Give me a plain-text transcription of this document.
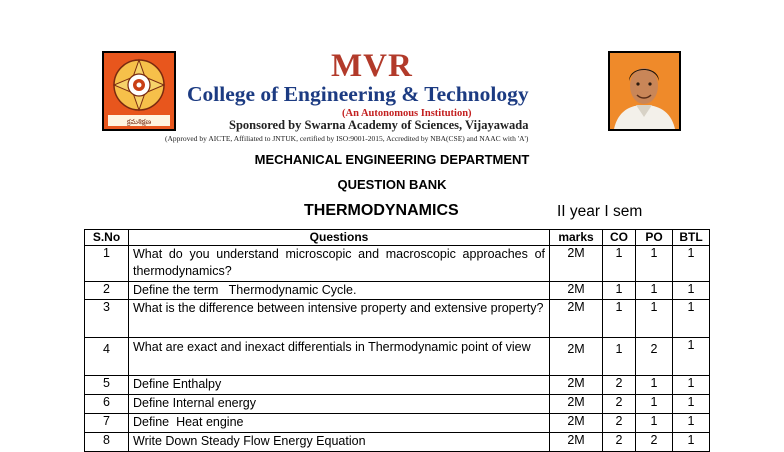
క్రమశిక్షణ
MVR
College of Engineering & Technology
(An Autonomous Institution)
Sponsored by Swarna Academy of Sciences, Vijayawada
(Approved by AICTE, Affiliated to JNTUK, certified by ISO:9001-2015, Accredited by NBA(CSE) and NAAC with 'A')
MECHANICAL ENGINEERING DEPARTMENT
QUESTION BANK
THERMODYNAMICS	II year I sem
S.No	Questions	marks	CO	PO	BTL
1	What do you understand microscopic and macroscopic approaches of thermodynamics?	2M	1	1	1
2	Define the term   Thermodynamic Cycle.	2M	1	1	1
3	What is the difference between intensive property and extensive property?	2M	1	1	1
4	What are exact and inexact differentials in Thermodynamic point of view	2M	1	2	1
5	Define Enthalpy	2M	2	1	1
6	Define Internal energy	2M	2	1	1
7	Define  Heat engine	2M	2	1	1
8	Write Down Steady Flow Energy Equation	2M	2	2	1
